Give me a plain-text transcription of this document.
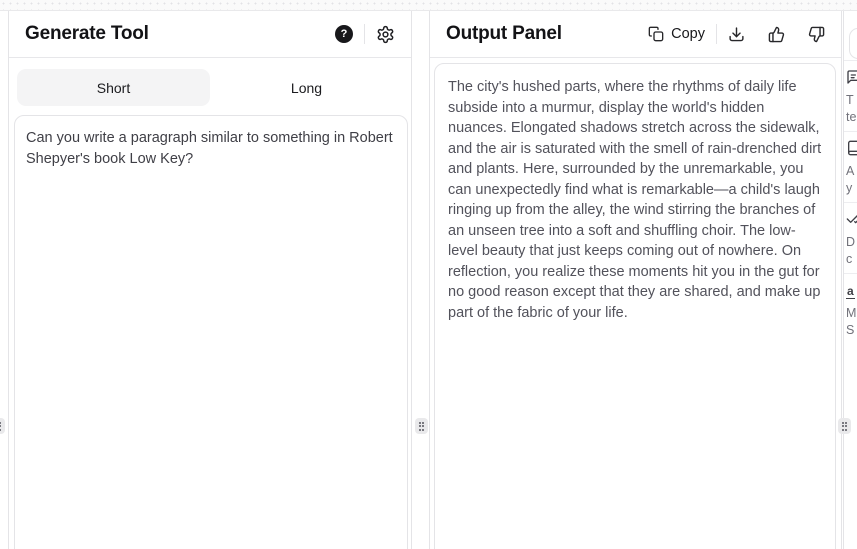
Generate Tool	?
Short	Long
Can you write a paragraph similar to something in Robert Shepyer's book Low Key?
Output Panel	Copy
The city's hushed parts, where the rhythms of daily life subside into a murmur, display the world's hidden nuances. Elongated shadows stretch across the sidewalk, and the air is saturated with the smell of rain-drenched dirt and plants. Here, surrounded by the unremarkable, you can unexpectedly find what is remarkable—a child's laugh ringing up from the alley, the wind stirring the branches of an unseen tree into a soft and shuffling choir. The low-level beauty that just keeps coming out of nowhere. On reflection, you realize these moments hit you in the gut for no good reason except that they are shared, and make up part of the fabric of your life.
T
te
A
y
D
c
a
M
S
